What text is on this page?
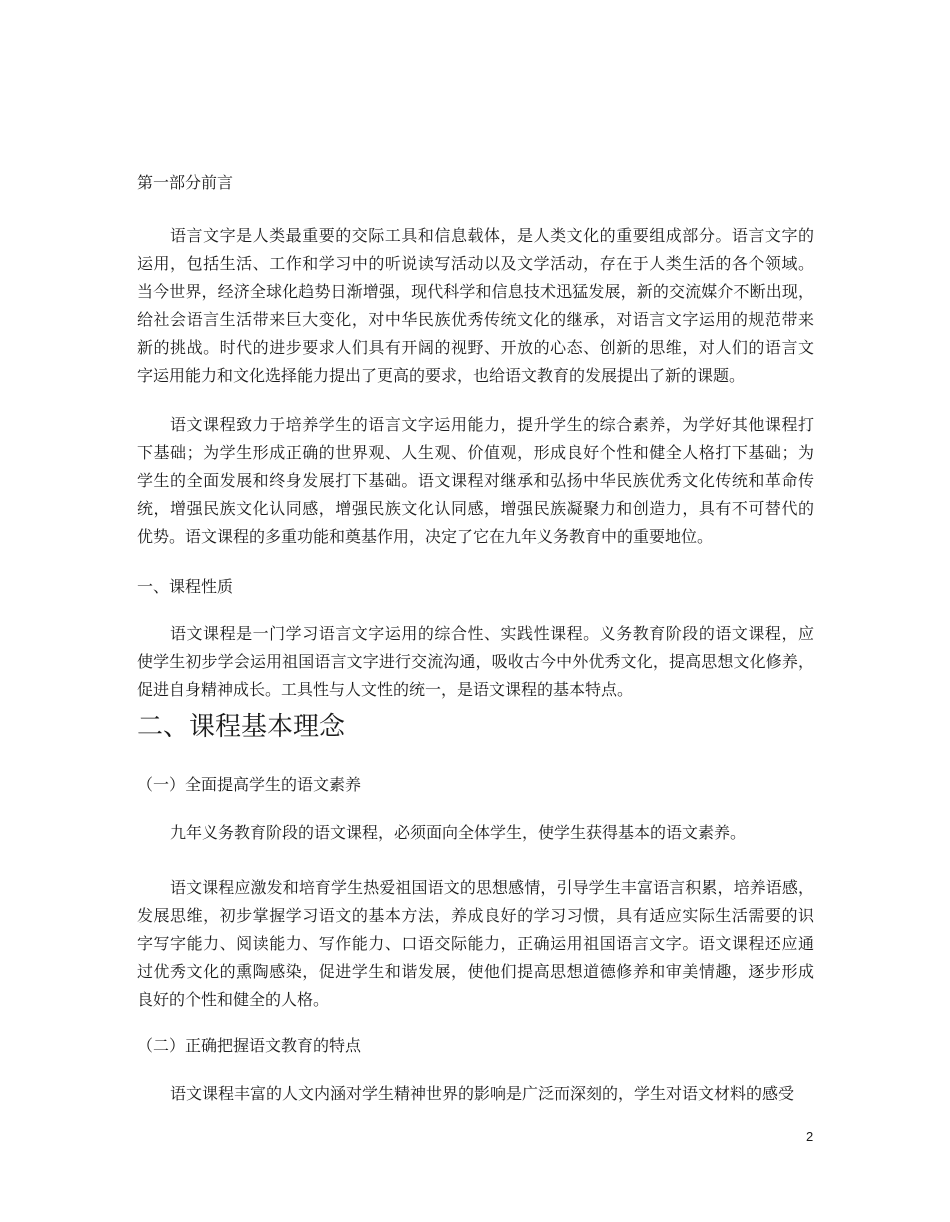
第一部分前言
语言文字是人类最重要的交际工具和信息载体，是人类文化的重要组成部分。语言文字的
运用，包括生活、工作和学习中的听说读写活动以及文学活动，存在于人类生活的各个领域。
当今世界，经济全球化趋势日渐增强，现代科学和信息技术迅猛发展，新的交流媒介不断出现，
给社会语言生活带来巨大变化，对中华民族优秀传统文化的继承，对语言文字运用的规范带来
新的挑战。时代的进步要求人们具有开阔的视野、开放的心态、创新的思维，对人们的语言文
字运用能力和文化选择能力提出了更高的要求，也给语文教育的发展提出了新的课题。
语文课程致力于培养学生的语言文字运用能力，提升学生的综合素养，为学好其他课程打
下基础；为学生形成正确的世界观、人生观、价值观，形成良好个性和健全人格打下基础；为
学生的全面发展和终身发展打下基础。语文课程对继承和弘扬中华民族优秀文化传统和革命传
统，增强民族文化认同感，增强民族文化认同感，增强民族凝聚力和创造力，具有不可替代的
优势。语文课程的多重功能和奠基作用，决定了它在九年义务教育中的重要地位。
一、课程性质
语文课程是一门学习语言文字运用的综合性、实践性课程。义务教育阶段的语文课程，应
使学生初步学会运用祖国语言文字进行交流沟通，吸收古今中外优秀文化，提高思想文化修养，
促进自身精神成长。工具性与人文性的统一，是语文课程的基本特点。
二、课程基本理念
（一）全面提高学生的语文素养
九年义务教育阶段的语文课程，必须面向全体学生，使学生获得基本的语文素养。
语文课程应激发和培育学生热爱祖国语文的思想感情，引导学生丰富语言积累，培养语感，
发展思维，初步掌握学习语文的基本方法，养成良好的学习习惯，具有适应实际生活需要的识
字写字能力、阅读能力、写作能力、口语交际能力，正确运用祖国语言文字。语文课程还应通
过优秀文化的熏陶感染，促进学生和谐发展，使他们提高思想道德修养和审美情趣，逐步形成
良好的个性和健全的人格。
（二）正确把握语文教育的特点
语文课程丰富的人文内涵对学生精神世界的影响是广泛而深刻的，学生对语文材料的感受
2
